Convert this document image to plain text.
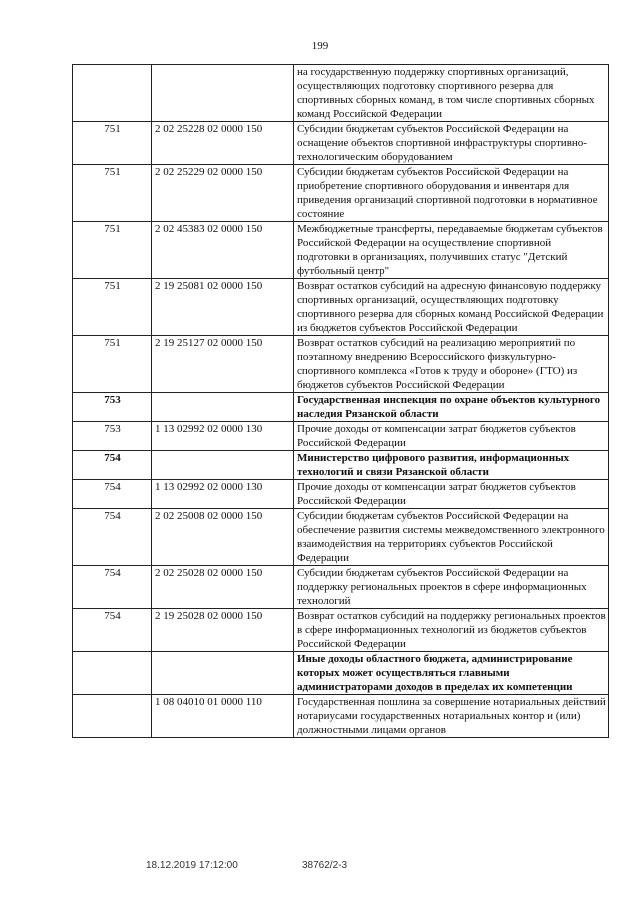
199
		на государственную поддержку спортивных организаций, осуществляющих подготовку спортивного резерва для спортивных сборных команд, в том числе спортивных сборных команд Российской Федерации
751	2 02 25228 02 0000 150	Субсидии бюджетам субъектов Российской Федерации на оснащение объектов спортивной инфраструктуры спортивно-технологическим оборудованием
751	2 02 25229 02 0000 150	Субсидии бюджетам субъектов Российской Федерации на приобретение спортивного оборудования и инвентаря для приведения организаций спортивной подготовки в нормативное состояние
751	2 02 45383 02 0000 150	Межбюджетные трансферты, передаваемые бюджетам субъектов Российской Федерации на осуществление спортивной подготовки в организациях, получивших статус "Детский футбольный центр"
751	2 19 25081 02 0000 150	Возврат остатков субсидий на адресную финансовую поддержку спортивных организаций, осуществляющих подготовку спортивного резерва для сборных команд Российской Федерации из бюджетов субъектов Российской Федерации
751	2 19 25127 02 0000 150	Возврат остатков субсидий на реализацию мероприятий по поэтапному внедрению Всероссийского физкультурно-спортивного комплекса «Готов к труду и обороне» (ГТО) из бюджетов субъектов Российской Федерации
753		Государственная инспекция по охране объектов культурного наследия Рязанской области
753	1 13 02992 02 0000 130	Прочие доходы от компенсации затрат бюджетов субъектов Российской Федерации
754		Министерство цифрового развития, информационных технологий и связи Рязанской области
754	1 13 02992 02 0000 130	Прочие доходы от компенсации затрат бюджетов субъектов Российской Федерации
754	2 02 25008 02 0000 150	Субсидии бюджетам субъектов Российской Федерации на обеспечение развития системы межведомственного электронного взаимодействия на территориях субъектов Российской Федерации
754	2 02 25028 02 0000 150	Субсидии бюджетам субъектов Российской Федерации на поддержку региональных проектов в сфере информационных технологий
754	2 19 25028 02 0000 150	Возврат остатков субсидий на поддержку региональных проектов в сфере информационных технологий из бюджетов субъектов Российской Федерации
		Иные доходы областного бюджета, администрирование которых может осуществляться главными администраторами доходов в пределах их компетенции
	1 08 04010 01 0000 110	Государственная пошлина за совершение нотариальных действий нотариусами государственных нотариальных контор и (или) должностными лицами органов
18.12.2019 17:12:00	38762/2-3
